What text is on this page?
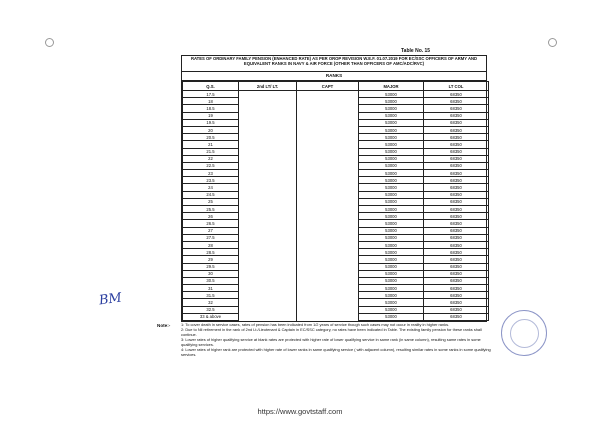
Table No. 15
RATES OF ORDINARY FAMILY PENSION (ENHANCED RATE) AS PER OROP REVISION W.E.F. 01.07.2019 FOR EC/SSC OFFICERS OF ARMY AND EQUIVALENT RANKS IN NAVY & AIR FORCE (OTHER THAN OFFICERS OF AMC/ADC/RVC)
RANKS
Q.S.	2nd LT/ LT.	CAPT	MAJOR	LT COL
17.5			53000	68350
18			53000	68350
18.5			53000	68350
19			53000	68350
19.5			53000	68350
20			53000	68350
20.5			53000	68350
21			53000	68350
21.5			53000	68350
22			53000	68350
22.5			53000	68350
23			53000	68350
23.5			53000	68350
24			53000	68350
24.5			53000	68350
25			53000	68350
25.5			53000	68350
26			53000	68350
26.5			53000	68350
27			53000	68350
27.5			53000	68350
28			53000	68350
28.5			53000	68350
29			53000	68350
29.5			53000	68350
30			53000	68350
30.5			53000	68350
31			53000	68350
31.5			53000	68350
32			53000	68350
32.5			53000	68350
33 & above			53000	68350
BM
Note:-	1: To cover death in service cases, rates of pension has been indicated from 1/2 years of service though such cases may not occur in reality in higher ranks.

2: Due to Nil retirement in the rank of 2nd Lt./Lieutenant & Captain in EC/SSC category, no rates have been indicated in Table. The existing family pension for these ranks shall continue.

3: Lower rates of higher qualifying service at blank rates are protected with higher rate of lower qualifying service in same rank (in same column), resulting same rates in some qualifying services.

4: Lower rates of higher rank are protected with higher rate of lower ranks in same qualifying service ( with adjacent column), resulting similar rates in some ranks in some qualifying services.

https://www.govtstaff.com
